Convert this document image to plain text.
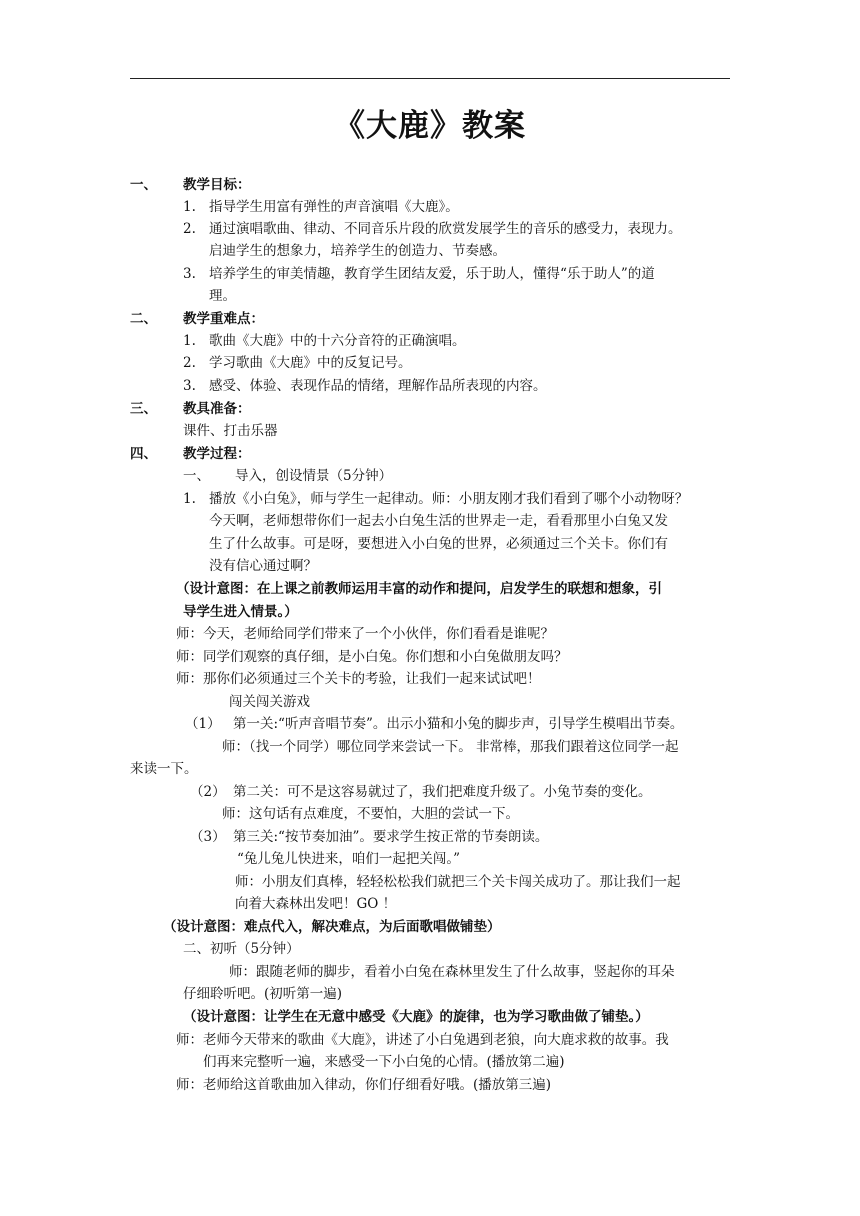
《大鹿》教案
一、 教学目标：
1. 指导学生用富有弹性的声音演唱《大鹿》。
2. 通过演唱歌曲、律动、不同音乐片段的欣赏发展学生的音乐的感受力，表现力。
启迪学生的想象力，培养学生的创造力、节奏感。
3. 培养学生的审美情趣，教育学生团结友爱，乐于助人，懂得“乐于助人”的道
理。
二、 教学重难点：
1. 歌曲《大鹿》中的十六分音符的正确演唱。
2. 学习歌曲《大鹿》中的反复记号。
3. 感受、体验、表现作品的情绪，理解作品所表现的内容。
三、 教具准备：
课件、打击乐器
四、 教学过程：
一、 导入，创设情景（5分钟）
1. 播放《小白兔》，师与学生一起律动。师：小朋友刚才我们看到了哪个小动物呀？
今天啊，老师想带你们一起去小白兔生活的世界走一走，看看那里小白兔又发
生了什么故事。可是呀，要想进入小白兔的世界，必须通过三个关卡。你们有
没有信心通过啊？
（设计意图：在上课之前教师运用丰富的动作和提问，启发学生的联想和想象，引
导学生进入情景。）
师：今天，老师给同学们带来了一个小伙伴，你们看看是谁呢？
师：同学们观察的真仔细，是小白兔。你们想和小白兔做朋友吗？
师：那你们必须通过三个关卡的考验，让我们一起来试试吧！
闯关闯关游戏
（1） 第一关:“听声音唱节奏”。出示小猫和小兔的脚步声，引导学生模唱出节奏。
师：（找一个同学）哪位同学来尝试一下。 非常棒，那我们跟着这位同学一起
来读一下。
（2） 第二关：可不是这容易就过了，我们把难度升级了。小兔节奏的变化。
师：这句话有点难度，不要怕，大胆的尝试一下。
（3） 第三关:“按节奏加油”。要求学生按正常的节奏朗读。
“兔儿兔儿快进来，咱们一起把关闯。”
师：小朋友们真棒，轻轻松松我们就把三个关卡闯关成功了。那让我们一起
向着大森林出发吧！GO ！
（设计意图：难点代入，解决难点，为后面歌唱做铺垫）
二、初听（5分钟）
师：跟随老师的脚步，看着小白兔在森林里发生了什么故事，竖起你的耳朵
仔细聆听吧。(初听第一遍)
（设计意图：让学生在无意中感受《大鹿》的旋律，也为学习歌曲做了铺垫。）
师：老师今天带来的歌曲《大鹿》，讲述了小白兔遇到老狼，向大鹿求救的故事。我
们再来完整听一遍，来感受一下小白兔的心情。(播放第二遍)
师：老师给这首歌曲加入律动，你们仔细看好哦。(播放第三遍)
